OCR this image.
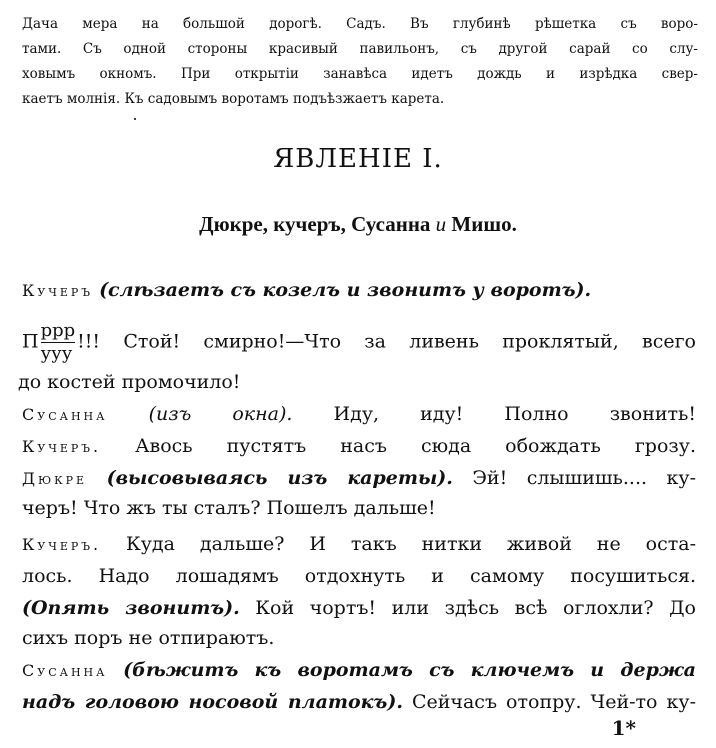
Дача мера на большой дорогѣ. Садъ. Въ глубинѣ рѣшетка съ воро-

тами. Съ одной стороны красивый павильонъ, съ другой сарай со слу-

ховымъ окномъ. При открытіи занавѣса идетъ дождь и изрѣдка свер-

каетъ молнія. Къ садовымъ воротамъ подъѣзжаетъ карета.

ЯВЛЕНІЕ І.
Дюкре, кучеръ, Сусанна и Мишо.

Кучеръ (слѣзаетъ съ козелъ и звонитъ у воротъ).

П $\frac{\text{ррр}}{\text{ууу}}$ !!! Стой! смирно!—Что за ливень проклятый, всего

до костей промочило!

Сусанна (изъ окна). Иду, иду! Полно звонить!

Кучеръ. Авось пустятъ насъ сюда обождать грозу.

Дюкре (высовываясь изъ кареты). Эй! слышишь.... ку-

черъ! Что жъ ты сталъ? Пошелъ дальше!

Кучеръ. Куда дальше? И такъ нитки живой не оста-

лось. Надо лошадямъ отдохнуть и самому посушиться.

(Опять звонитъ). Кой чортъ! или здѣсь всѣ оглохли? До

сихъ поръ не отпираютъ.

Сусанна (бѣжитъ къ воротамъ съ ключемъ и держа

надъ головою носовой платокъ). Сейчасъ отопру. Чей-то ку-

1*
